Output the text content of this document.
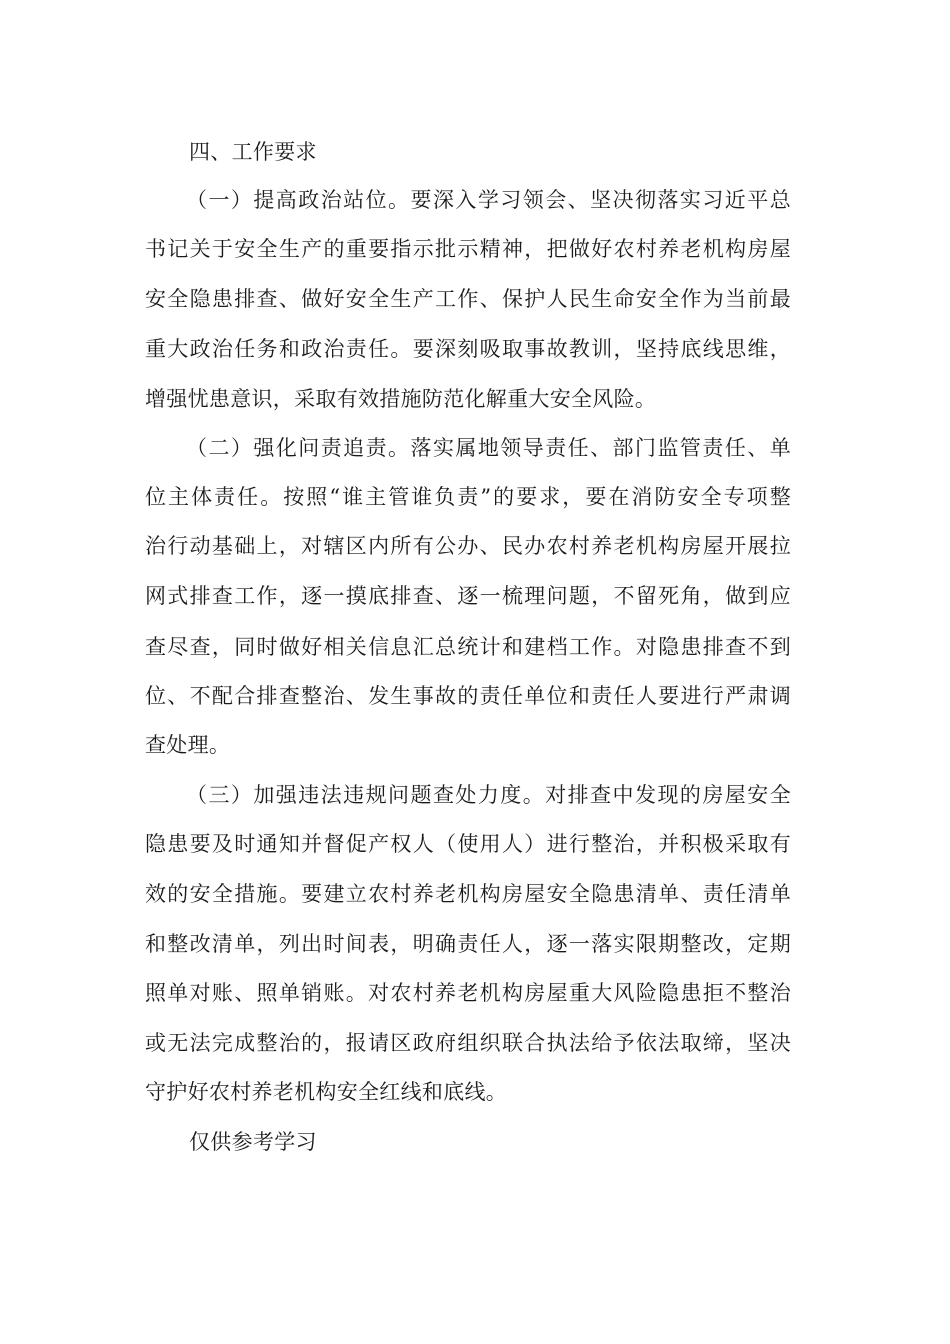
四、工作要求
（一）提高政治站位。要深入学习领会、坚决彻落实习近平总
书记关于安全生产的重要指示批示精神，把做好农村养老机构房屋
安全隐患排查、做好安全生产工作、保护人民生命安全作为当前最
重大政治任务和政治责任。要深刻吸取事故教训，坚持底线思维，
增强忧患意识，采取有效措施防范化解重大安全风险。
（二）强化问责追责。落实属地领导责任、部门监管责任、单
位主体责任。按照“谁主管谁负责”的要求，要在消防安全专项整
治行动基础上，对辖区内所有公办、民办农村养老机构房屋开展拉
网式排查工作，逐一摸底排查、逐一梳理问题，不留死角，做到应
查尽查，同时做好相关信息汇总统计和建档工作。对隐患排查不到
位、不配合排查整治、发生事故的责任单位和责任人要进行严肃调
查处理。
（三）加强违法违规问题查处力度。对排查中发现的房屋安全
隐患要及时通知并督促产权人（使用人）进行整治，并积极采取有
效的安全措施。要建立农村养老机构房屋安全隐患清单、责任清单
和整改清单，列出时间表，明确责任人，逐一落实限期整改，定期
照单对账、照单销账。对农村养老机构房屋重大风险隐患拒不整治
或无法完成整治的，报请区政府组织联合执法给予依法取缔，坚决
守护好农村养老机构安全红线和底线。
仅供参考学习
